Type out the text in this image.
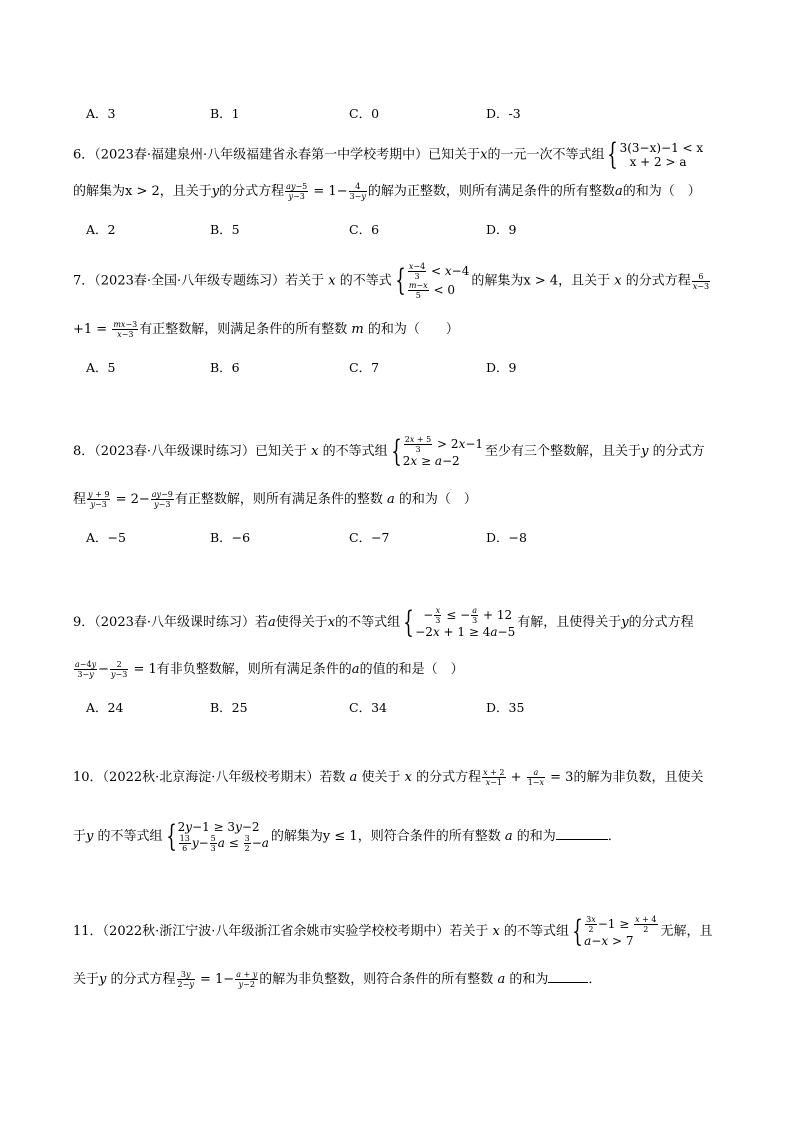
A．3	B．1	C．0	D．-3
6．（2023春·福建泉州·八年级福建省永春第一中学校考期中）已知关于x的一元一次不等式组 { 3(3−x)−1 < x
x + 2 > a
的解集为x > 2，且关于y的分式方程 $\frac{ay-5}{y-3} = 1- \frac{4}{3-y}$ 的解为正整数，则所有满足条件的所有整数a的和为（　）
A．2	B．5	C．6	D．9
7．（2023春·全国·八年级专题练习）若关于 x 的不等式 { $\frac{x-4}{3} < x-4$
$\frac{m-x}{5} < 0$
的解集为x > 4，且关于 x 的分式方程 $\frac{6}{x-3}$
$+1 = \frac{mx-3}{x-3}$ 有正整数解，则满足条件的所有整数 m 的和为（　　）
A．5	B．6	C．7	D．9
8．（2023春·八年级课时练习）已知关于 x 的不等式组 { $\frac{2x + 5}{3} > 2x-1$
2x ≥ a−2
至少有三个整数解，且关于y 的分式方
程 $\frac{y + 9}{y-3} = 2- \frac{ay-9}{y-3}$ 有正整数解，则所有满足条件的整数 a 的和为（　）
A．−5	B．−6	C．−7	D．−8
9．（2023春·八年级课时练习）若a使得关于x的不等式组 { − $\frac{x}{3}$ ≤ − $\frac{a}{3} + 12$
−2x + 1 ≥ 4a−5
有解，且使得关于y的分式方程
$\frac{a-4y}{3-y} - \frac{2}{y-3} = 1$有非负整数解，则所有满足条件的a的值的和是（　）
A．24	B．25	C．34	D．35
10．（2022秋·北京海淀·八年级校考期末）若数 a 使关于 x 的分式方程 $\frac{x + 2}{x-1} + \frac{a}{1-x} = 3$的解为非负数，且使关
于y 的不等式组 { 2y−1 ≥ 3y−2
$\frac{13}{6} y- \frac{5}{3}$ $a \le \frac{3}{2} -a$ 的解集为y ≤ 1，则符合条件的所有整数 a 的和为	．
11．（2022秋·浙江宁波·八年级浙江省余姚市实验学校校考期中）若关于 x 的不等式组 { $\frac{3x}{2} -1 \ge \frac{x + 4}{2}$
a−x > 7
无解，且
关于y 的分式方程 $\frac{3y}{2-y} = 1- \frac{a + y}{y-2}$ 的解为非负整数，则符合条件的所有整数 a 的和为	．
